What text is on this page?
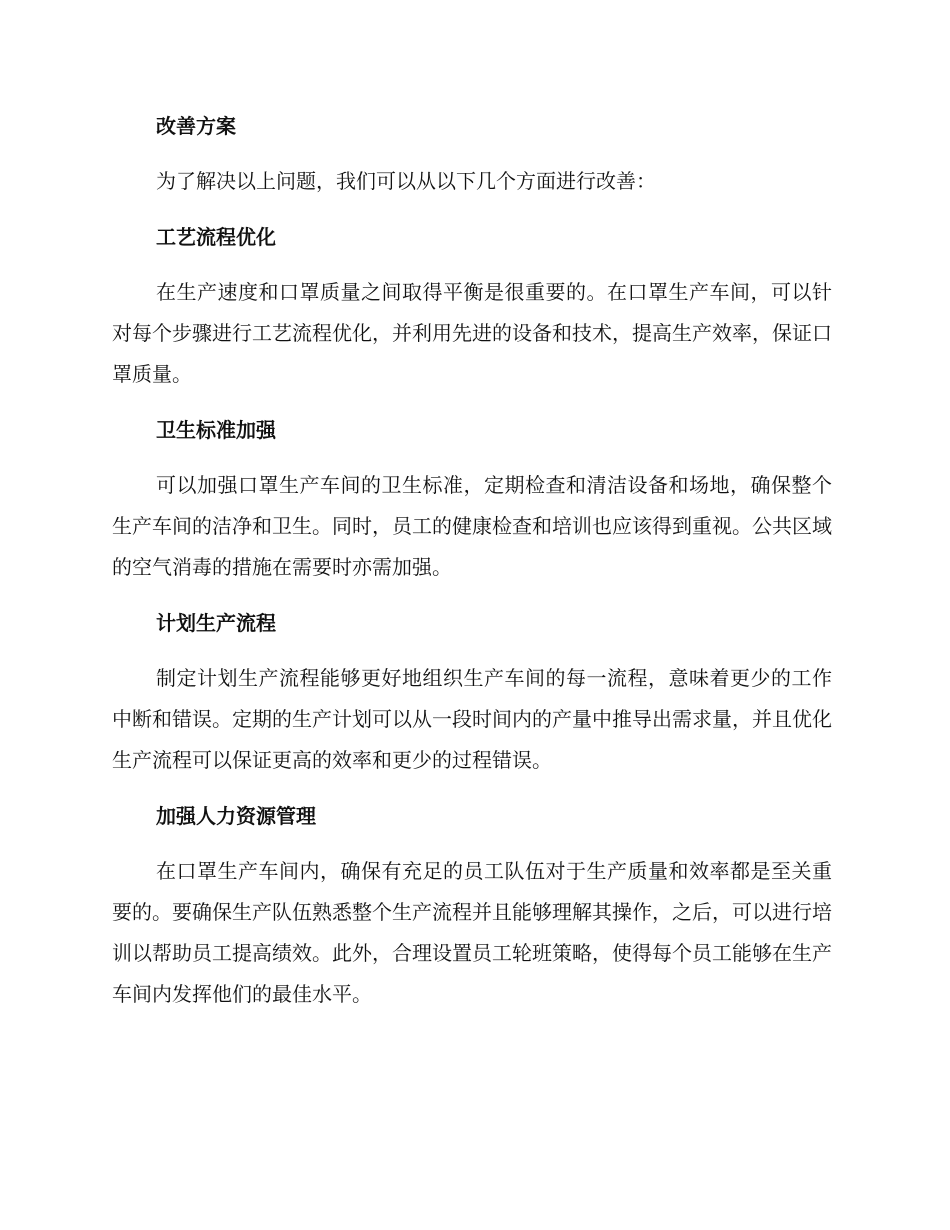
改善方案

为了解决以上问题，我们可以从以下几个方面进行改善：

工艺流程优化

在生产速度和口罩质量之间取得平衡是很重要的。在口罩生产车间，可以针对每个步骤进行工艺流程优化，并利用先进的设备和技术，提高生产效率，保证口罩质量。

卫生标准加强

可以加强口罩生产车间的卫生标准，定期检查和清洁设备和场地，确保整个生产车间的洁净和卫生。同时，员工的健康检查和培训也应该得到重视。公共区域的空气消毒的措施在需要时亦需加强。

计划生产流程

制定计划生产流程能够更好地组织生产车间的每一流程，意味着更少的工作中断和错误。定期的生产计划可以从一段时间内的产量中推导出需求量，并且优化生产流程可以保证更高的效率和更少的过程错误。

加强人力资源管理

在口罩生产车间内，确保有充足的员工队伍对于生产质量和效率都是至关重要的。要确保生产队伍熟悉整个生产流程并且能够理解其操作，之后，可以进行培训以帮助员工提高绩效。此外，合理设置员工轮班策略，使得每个员工能够在生产车间内发挥他们的最佳水平。
